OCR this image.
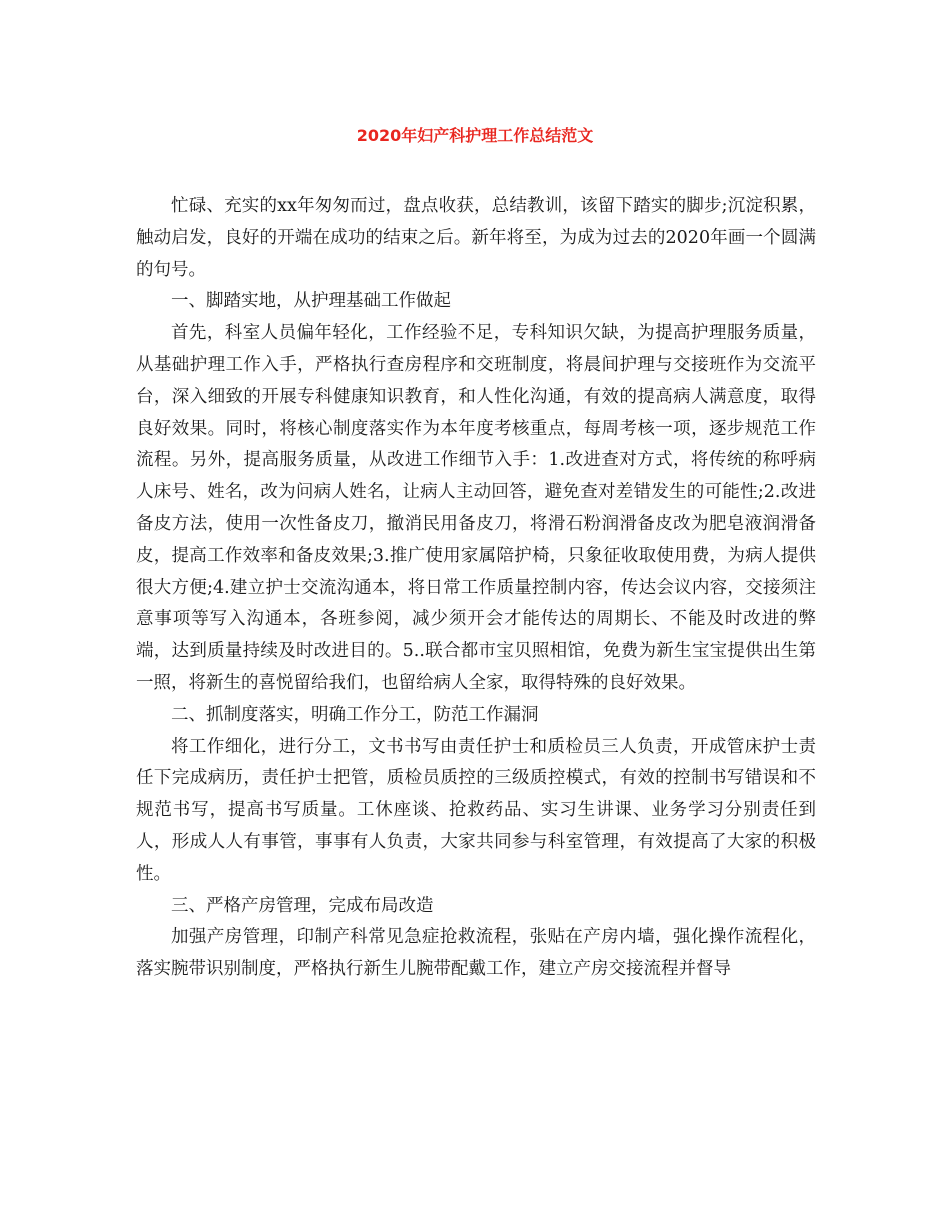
2020年妇产科护理工作总结范文

忙碌、充实的xx年匆匆而过，盘点收获，总结教训，该留下踏实的脚步;沉淀积累，触动启发，良好的开端在成功的结束之后。新年将至，为成为过去的2020年画一个圆满的句号。

一、脚踏实地，从护理基础工作做起

首先，科室人员偏年轻化，工作经验不足，专科知识欠缺，为提高护理服务质量，从基础护理工作入手，严格执行查房程序和交班制度，将晨间护理与交接班作为交流平台，深入细致的开展专科健康知识教育，和人性化沟通，有效的提高病人满意度，取得良好效果。同时，将核心制度落实作为本年度考核重点，每周考核一项，逐步规范工作流程。另外，提高服务质量，从改进工作细节入手：1.改进查对方式，将传统的称呼病人床号、姓名，改为问病人姓名，让病人主动回答，避免查对差错发生的可能性;2.改进备皮方法，使用一次性备皮刀，撤消民用备皮刀，将滑石粉润滑备皮改为肥皂液润滑备皮，提高工作效率和备皮效果;3.推广使用家属陪护椅，只象征收取使用费，为病人提供很大方便;4.建立护士交流沟通本，将日常工作质量控制内容，传达会议内容，交接须注意事项等写入沟通本，各班参阅，减少须开会才能传达的周期长、不能及时改进的弊端，达到质量持续及时改进目的。5..联合都市宝贝照相馆，免费为新生宝宝提供出生第一照，将新生的喜悦留给我们，也留给病人全家，取得特殊的良好效果。

二、抓制度落实，明确工作分工，防范工作漏洞

将工作细化，进行分工，文书书写由责任护士和质检员三人负责，开成管床护士责任下完成病历，责任护士把管，质检员质控的三级质控模式，有效的控制书写错误和不规范书写，提高书写质量。工休座谈、抢救药品、实习生讲课、业务学习分别责任到人，形成人人有事管，事事有人负责，大家共同参与科室管理，有效提高了大家的积极性。

三、严格产房管理，完成布局改造

加强产房管理，印制产科常见急症抢救流程，张贴在产房内墙，强化操作流程化，落实腕带识别制度，严格执行新生儿腕带配戴工作，建立产房交接流程并督导
